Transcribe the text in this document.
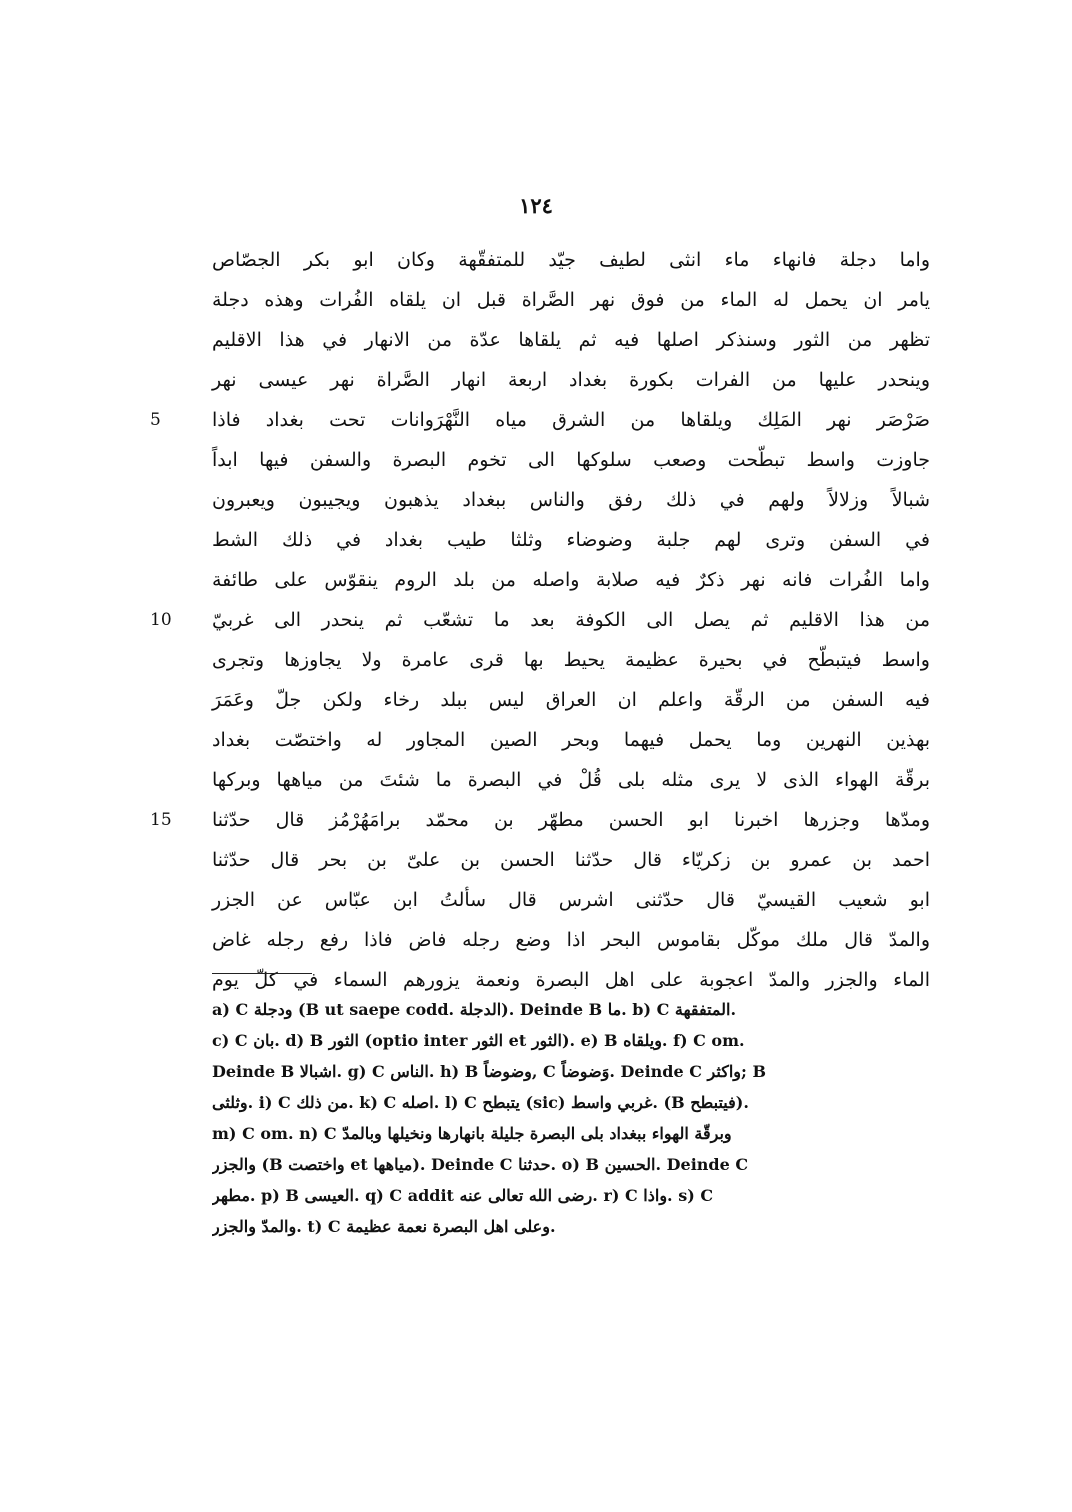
١٢٤
واما دجلة فانهاء ماء انثى لطيف جيّد للمتفقّهة وكان ابو بكر الجصّاص
يامر ان يحمل له الماء من فوق نهر الصَّراة قبل ان يلقاه الفُرات وهذه دجلة
تظهر من الثور وسنذكر اصلها فيه ثم يلقاها عدّة من الانهار في هذا الاقليم
وينحدر عليها من الفرات بكورة بغداد اربعة انهار الصَّراة نهر عيسى نهر
5	صَرْصَر نهر المَلِك ويلقاها من الشرق مياه النَّهْرَوانات تحت بغداد فاذا
جاوزت واسط تبطّحت وصعب سلوكها الى تخوم البصرة والسفن فيها ابداً
شبالاً وزلالاً ولهم في ذلك رفق والناس ببغداد يذهبون ويجيبون ويعبرون
في السفن وترى لهم جلبة وضوضاء وثلثا طيب بغداد في ذلك الشط
واما الفُرات فانه نهر ذكرٌ فيه صلابة واصله من بلد الروم ينقوّس على طائفة
10	من هذا الاقليم ثم يصل الى الكوفة بعد ما تشعّب ثم ينحدر الى غربيّ
واسط فيتبطّح في بحيرة عظيمة يحيط بها قرى عامرة ولا يجاوزها وتجرى
فيه السفن من الرقّة واعلم ان العراق ليس ببلد رخاء ولكن جلّ وعَمَرَ
بهذين النهرين وما يحمل فيهما وبحر الصين المجاور له واختصّت بغداد
برقّة الهواء الذى لا يرى مثله بلى قُلْ في البصرة ما شئتَ من مياهها وبركها
15	ومدّها وجزرها اخبرنا ابو الحسن مطهّر بن محمّد برامَهُرْمُز قال حدّثنا
احمد بن عمرو بن زكريّاء قال حدّثنا الحسن بن علىّ بن بحر قال حدّثنا
ابو شعيب القيسيّ قال حدّثنى اشرس قال سألتُ ابن عبّاس عن الجزر
والمدّ قال ملك موكّل بقاموس البحر اذا وضع رجله فاض فاذا رفع رجله غاض
الماء والجزر والمدّ اعجوبة على اهل البصرة ونعمة يزورهم السماء في كلّ يوم
a) C ودجلة (B ut saepe codd. الدجلة). Deinde B ما. b) C المتفقهة.
c) C بان. d) B الثور (optio inter الثور et الثور). e) B ويلقاه. f) C om.
Deinde B اشبالا. g) C الناس. h) B وضوضاً, C وَضوضاً. Deinde C واكثر; B
وثلثى. i) C من ذلك. k) C اصله. l) C يتبطح (sic) غربي واسط. (B فيتبطح).
m) C om. n) C وبرقّة الهواء ببغداد بلى البصرة جليلة بانهارها ونخيلها وبالمدّ
والجزر (B واختصت et مياهها). Deinde C حدثنا. o) B الحسين. Deinde C
مطهر. p) B العيسى. q) C addit رضى الله تعالى عنه. r) C واذا. s) C
والمدّ والجزر. t) C وعلى اهل البصرة نعمة عظيمة.
